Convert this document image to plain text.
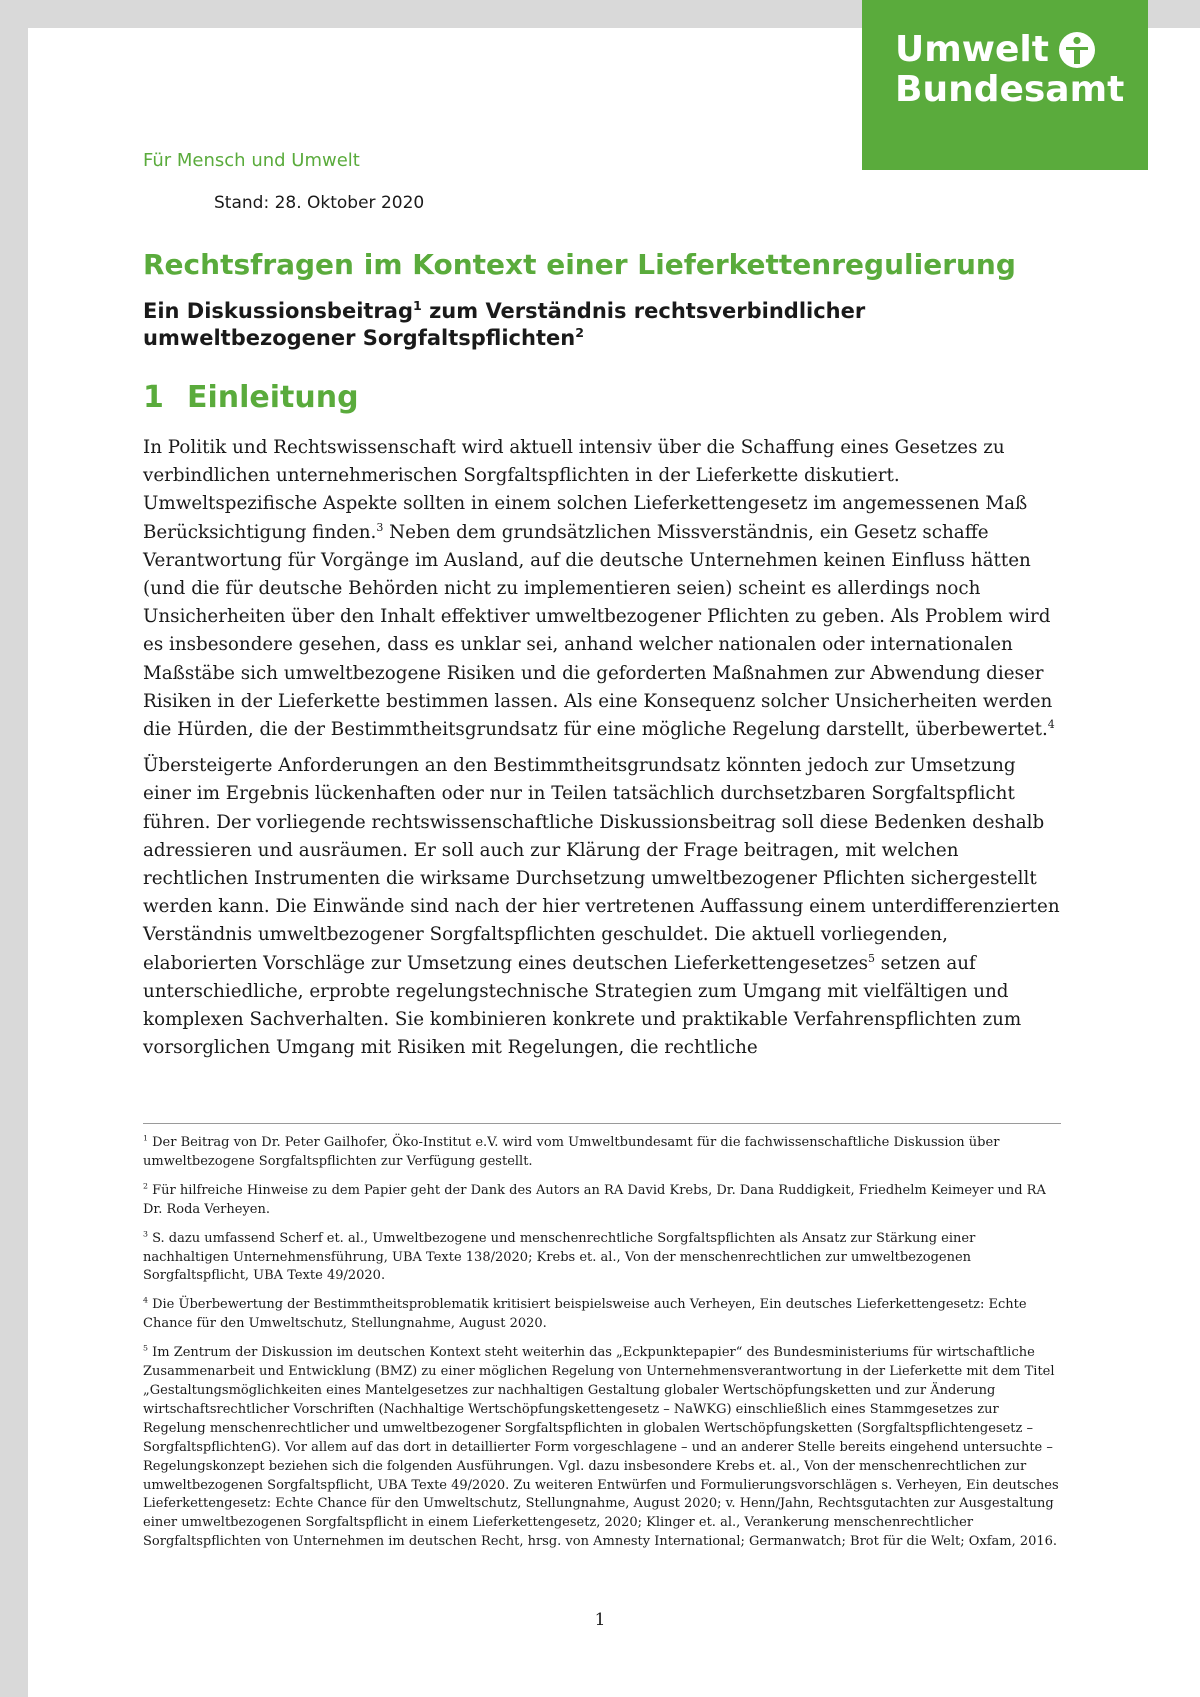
Umwelt
Bundesamt
Für Mensch und Umwelt
Stand: 28. Oktober 2020
Rechtsfragen im Kontext einer Lieferkettenregulierung
Ein Diskussionsbeitrag$^1$ zum Verständnis rechtsverbindlicher umweltbezogener Sorgfaltspflichten$^2$
1 Einleitung

In Politik und Rechtswissenschaft wird aktuell intensiv über die Schaffung eines Gesetzes zu verbindlichen unternehmerischen Sorgfaltspflichten in der Lieferkette diskutiert. Umweltspezifische Aspekte sollten in einem solchen Lieferkettengesetz im angemessenen Maß Berücksichtigung finden.$^3$ Neben dem grundsätzlichen Missverständnis, ein Gesetz schaffe Verantwortung für Vorgänge im Ausland, auf die deutsche Unternehmen keinen Einfluss hätten (und die für deutsche Behörden nicht zu implementieren seien) scheint es allerdings noch Unsicherheiten über den Inhalt effektiver umweltbezogener Pflichten zu geben. Als Problem wird es insbesondere gesehen, dass es unklar sei, anhand welcher nationalen oder internationalen Maßstäbe sich umweltbezogene Risiken und die geforderten Maßnahmen zur Abwendung dieser Risiken in der Lieferkette bestimmen lassen. Als eine Konsequenz solcher Unsicherheiten werden die Hürden, die der Bestimmtheitsgrundsatz für eine mögliche Regelung darstellt, überbewertet.$^4$

Übersteigerte Anforderungen an den Bestimmtheitsgrundsatz könnten jedoch zur Umsetzung einer im Ergebnis lückenhaften oder nur in Teilen tatsächlich durchsetzbaren Sorgfaltspflicht führen. Der vorliegende rechtswissenschaftliche Diskussionsbeitrag soll diese Bedenken deshalb adressieren und ausräumen. Er soll auch zur Klärung der Frage beitragen, mit welchen rechtlichen Instrumenten die wirksame Durchsetzung umweltbezogener Pflichten sichergestellt werden kann. Die Einwände sind nach der hier vertretenen Auffassung einem unterdifferenzierten Verständnis umweltbezogener Sorgfaltspflichten geschuldet. Die aktuell vorliegenden, elaborierten Vorschläge zur Umsetzung eines deutschen Lieferkettengesetzes$^5$ setzen auf unterschiedliche, erprobte regelungstechnische Strategien zum Umgang mit vielfältigen und komplexen Sachverhalten. Sie kombinieren konkrete und praktikable Verfahrenspflichten zum vorsorglichen Umgang mit Risiken mit Regelungen, die rechtliche

$^1$ Der Beitrag von Dr. Peter Gailhofer, Öko-Institut e.V. wird vom Umweltbundesamt für die fachwissenschaftliche Diskussion über umweltbezogene Sorgfaltspflichten zur Verfügung gestellt.

$^2$ Für hilfreiche Hinweise zu dem Papier geht der Dank des Autors an RA David Krebs, Dr. Dana Ruddigkeit, Friedhelm Keimeyer und RA Dr. Roda Verheyen.

$^3$ S. dazu umfassend Scherf et. al., Umweltbezogene und menschenrechtliche Sorgfaltspflichten als Ansatz zur Stärkung einer nachhaltigen Unternehmensführung, UBA Texte 138/2020; Krebs et. al., Von der menschenrechtlichen zur umweltbezogenen Sorgfaltspflicht, UBA Texte 49/2020.

$^4$ Die Überbewertung der Bestimmtheitsproblematik kritisiert beispielsweise auch Verheyen, Ein deutsches Lieferkettengesetz: Echte Chance für den Umweltschutz, Stellungnahme, August 2020.

$^5$ Im Zentrum der Diskussion im deutschen Kontext steht weiterhin das „Eckpunktepapier“ des Bundesministeriums für wirtschaftliche Zusammenarbeit und Entwicklung (BMZ) zu einer möglichen Regelung von Unternehmensverantwortung in der Lieferkette mit dem Titel „Gestaltungsmöglichkeiten eines Mantelgesetzes zur nachhaltigen Gestaltung globaler Wertschöpfungsketten und zur Änderung wirtschaftsrechtlicher Vorschriften (Nachhaltige Wertschöpfungskettengesetz – NaWKG) einschließlich eines Stammgesetzes zur Regelung menschenrechtlicher und umweltbezogener Sorgfaltspflichten in globalen Wertschöpfungsketten (Sorgfaltspflichtengesetz – SorgfaltspflichtenG). Vor allem auf das dort in detaillierter Form vorgeschlagene – und an anderer Stelle bereits eingehend untersuchte –Regelungskonzept beziehen sich die folgenden Ausführungen. Vgl. dazu insbesondere Krebs et. al., Von der menschenrechtlichen zur umweltbezogenen Sorgfaltspflicht, UBA Texte 49/2020. Zu weiteren Entwürfen und Formulierungsvorschlägen s. Verheyen, Ein deutsches Lieferkettengesetz: Echte Chance für den Umweltschutz, Stellungnahme, August 2020; v. Henn/Jahn, Rechtsgutachten zur Ausgestaltung einer umweltbezogenen Sorgfaltspflicht in einem Lieferkettengesetz, 2020; Klinger et. al., Verankerung menschenrechtlicher Sorgfaltspflichten von Unternehmen im deutschen Recht, hrsg. von Amnesty International; Germanwatch; Brot für die Welt; Oxfam, 2016.

1
